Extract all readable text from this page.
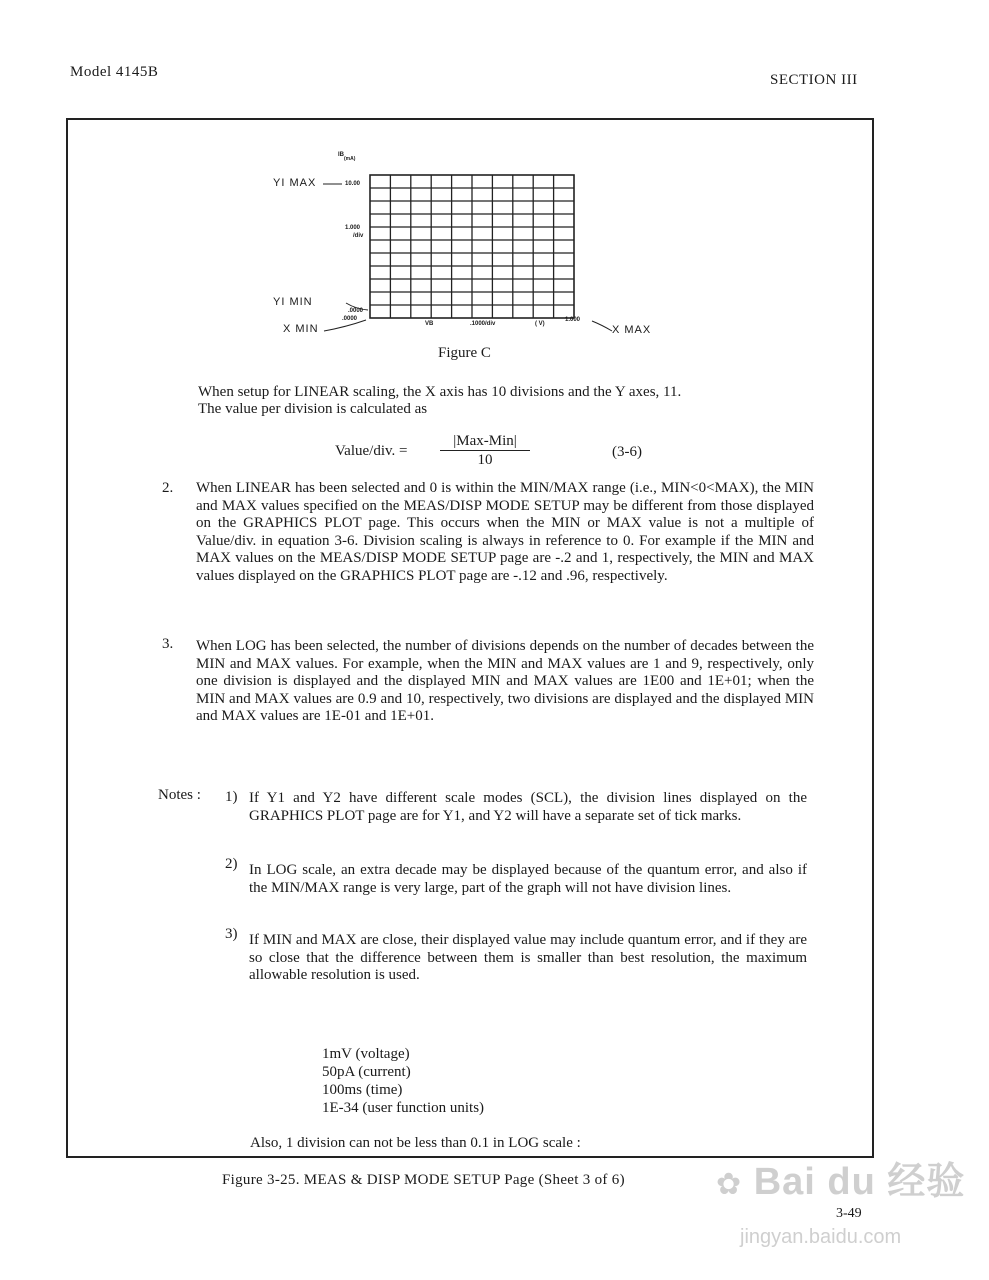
Model 4145B	SECTION III
$IB_{(mA)}$
YI MAX	10.00
1.000
/div
YI MIN
.0000
.0000
X MIN	VB	.1000/div	( V)
1.000
X MAX
Figure C
When setup for LINEAR scaling, the X axis has 10 divisions and the Y axes, 11.
The value per division is calculated as
Value/div. =
|Max-Min|
10	(3-6)
2. When LINEAR has been selected and 0 is within the MIN/MAX range (i.e., MIN<0<MAX), the MIN and MAX values specified on the MEAS/DISP MODE SETUP may be different from those displayed on the GRAPHICS PLOT page. This occurs when the MIN or MAX value is not a multiple of Value/div. in equation 3-6. Division scaling is always in reference to 0. For example if the MIN and MAX values on the MEAS/DISP MODE SETUP page are -.2 and 1, respectively, the MIN and MAX values displayed on the GRAPHICS PLOT page are -.12 and .96, respectively.
3. When LOG has been selected, the number of divisions depends on the number of decades between the MIN and MAX values. For example, when the MIN and MAX values are 1 and 9, respectively, only one division is displayed and the displayed MIN and MAX values are 1E00 and 1E+01; when the MIN and MAX values are 0.9 and 10, respectively, two divisions are displayed and the displayed MIN and MAX values are 1E-01 and 1E+01.
Notes : 1) If Y1 and Y2 have different scale modes (SCL), the division lines displayed on the GRAPHICS PLOT page are for Y1, and Y2 will have a separate set of tick marks.
2) In LOG scale, an extra decade may be displayed because of the quantum error, and also if the MIN/MAX range is very large, part of the graph will not have division lines.
3) If MIN and MAX are close, their displayed value may include quantum error, and if they are so close that the difference between them is smaller than best resolution, the maximum allowable resolution is used.
1mV (voltage)
50pA (current)
100ms (time)
1E-34 (user function units)
Also, 1 division can not be less than 0.1 in LOG scale :
Figure 3-25. MEAS & DISP MODE SETUP Page (Sheet 3 of 6)
3-49
✿ Bai du 经验
jingyan.baidu.com
